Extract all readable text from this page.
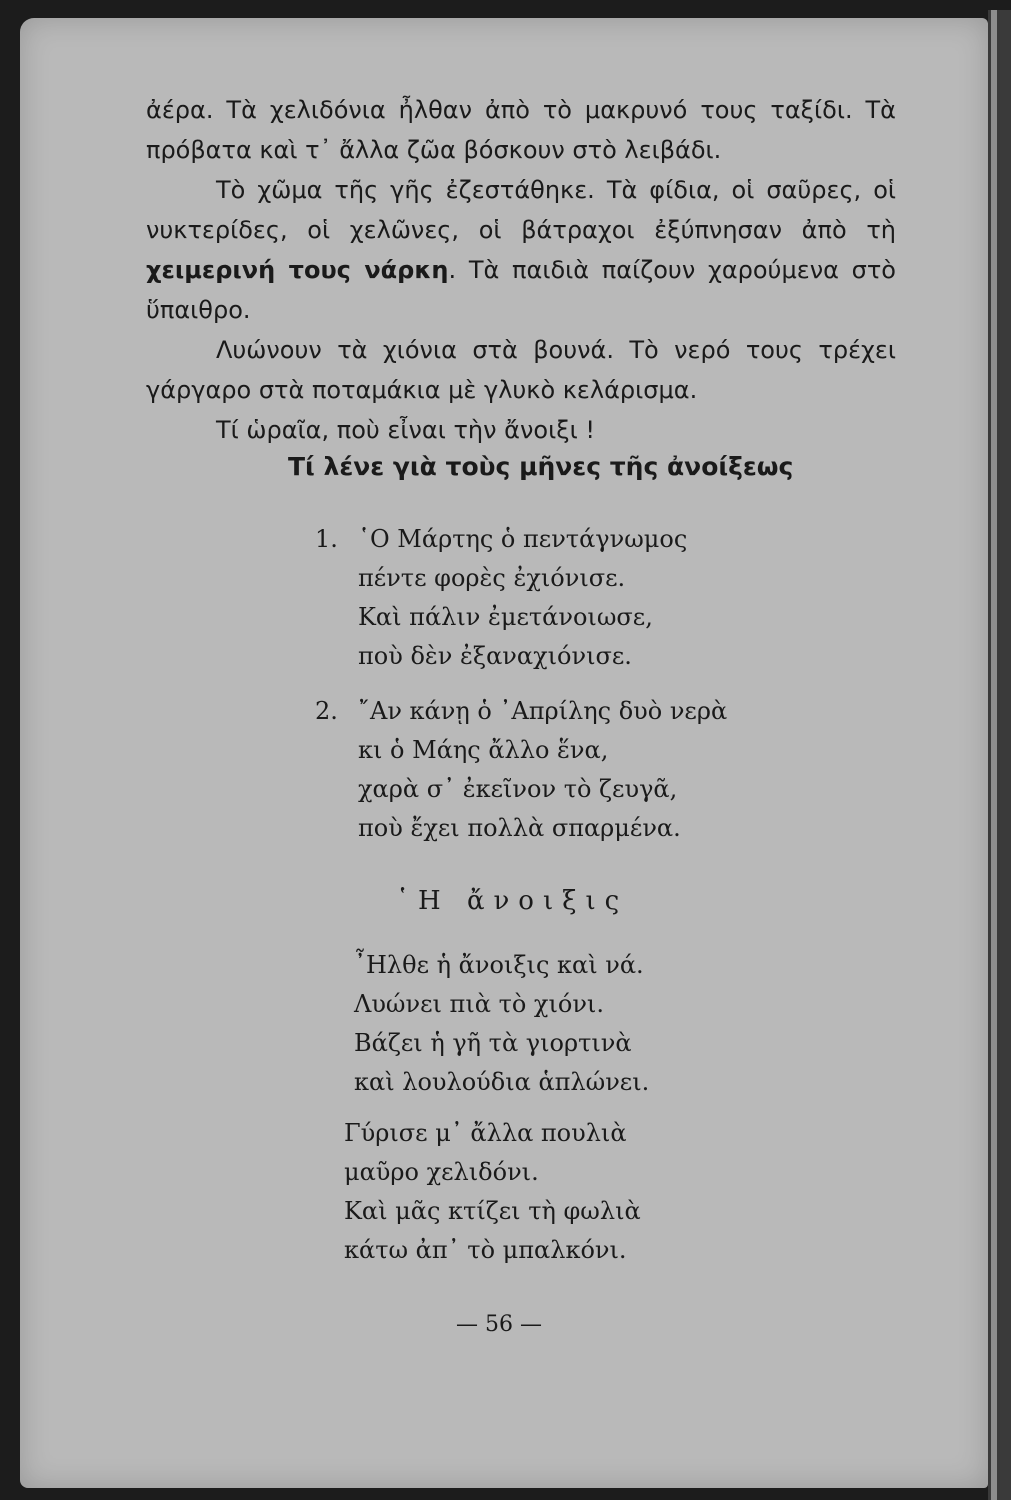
ἀέρα. Τὰ χελιδόνια ἦλθαν ἀπὸ τὸ μακρυνό τους ταξίδι. Τὰ πρόβατα καὶ τ᾿ ἄλλα ζῶα βόσκουν στὸ λειβάδι.

Τὸ χῶμα τῆς γῆς ἐζεστάθηκε. Τὰ φίδια, οἱ σαῦρες, οἱ νυκτερίδες, οἱ χελῶνες, οἱ βάτραχοι ἐξύπνησαν ἀπὸ τὴ χειμερινή τους νάρκη. Τὰ παιδιὰ παίζουν χαρούμενα στὸ ὕπαιθρο.

Λυώνουν τὰ χιόνια στὰ βουνά. Τὸ νερό τους τρέχει γάργαρο στὰ ποταμάκια μὲ γλυκὸ κελάρισμα.

Τί ὡραῖα, ποὺ εἶναι τὴν ἄνοιξι !

Τί λένε γιὰ τοὺς μῆνες τῆς ἀνοίξεως
1. ῾Ο Μάρτης ὁ πεντάγνωμος
πέντε φορὲς ἐχιόνισε.
Καὶ πάλιν ἐμετάνοιωσε,
ποὺ δὲν ἐξαναχιόνισε.
2. ῎Αν κάνῃ ὁ ᾿Απρίλης δυὸ νερὰ
κι ὁ Μάης ἄλλο ἕνα,
χαρὰ σ᾿ ἐκεῖνον τὸ ζευγᾶ,
ποὺ ἔχει πολλὰ σπαρμένα.
῾Η ἄνοιξις
῏Ηλθε ἡ ἄνοιξις καὶ νά.
Λυώνει πιὰ τὸ χιόνι.
Βάζει ἡ γῆ τὰ γιορτινὰ
καὶ λουλούδια ἁπλώνει.
Γύρισε μ᾿ ἄλλα πουλιὰ
μαῦρο χελιδόνι.
Καὶ μᾶς κτίζει τὴ φωλιὰ
κάτω ἀπ᾿ τὸ μπαλκόνι.
— 56 —
